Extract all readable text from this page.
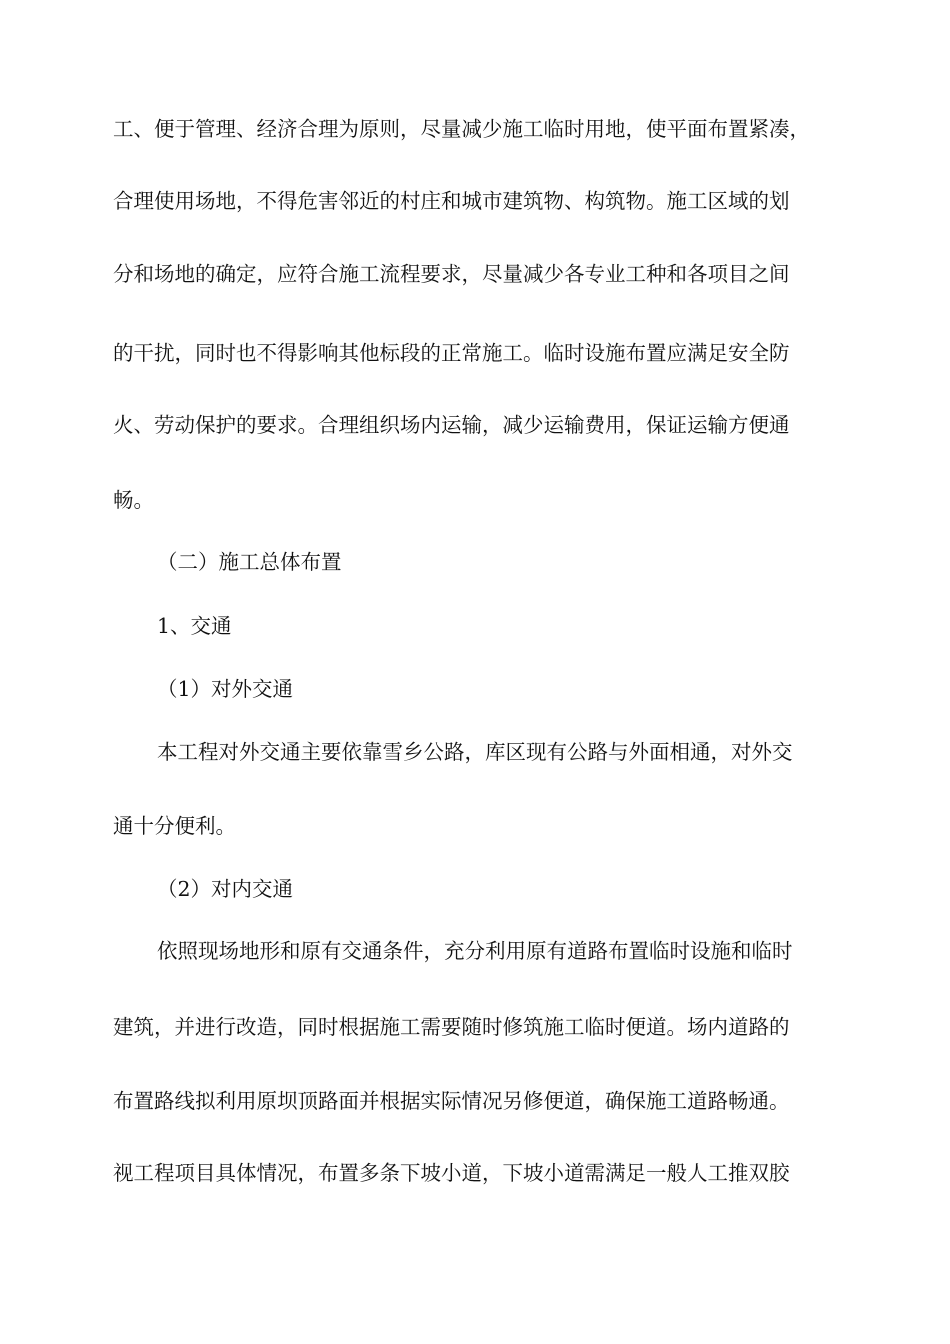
工、便于管理、经济合理为原则，尽量减少施工临时用地，使平面布置紧凑，
合理使用场地，不得危害邻近的村庄和城市建筑物、构筑物。施工区域的划
分和场地的确定，应符合施工流程要求，尽量减少各专业工种和各项目之间
的干扰，同时也不得影响其他标段的正常施工。临时设施布置应满足安全防
火、劳动保护的要求。合理组织场内运输，减少运输费用，保证运输方便通
畅。
（二）施工总体布置
1、交通
（1）对外交通
本工程对外交通主要依靠雪乡公路，库区现有公路与外面相通，对外交
通十分便利。
（2）对内交通
依照现场地形和原有交通条件，充分利用原有道路布置临时设施和临时
建筑，并进行改造，同时根据施工需要随时修筑施工临时便道。场内道路的
布置路线拟利用原坝顶路面并根据实际情况另修便道，确保施工道路畅通。
视工程项目具体情况，布置多条下坡小道，下坡小道需满足一般人工推双胶
